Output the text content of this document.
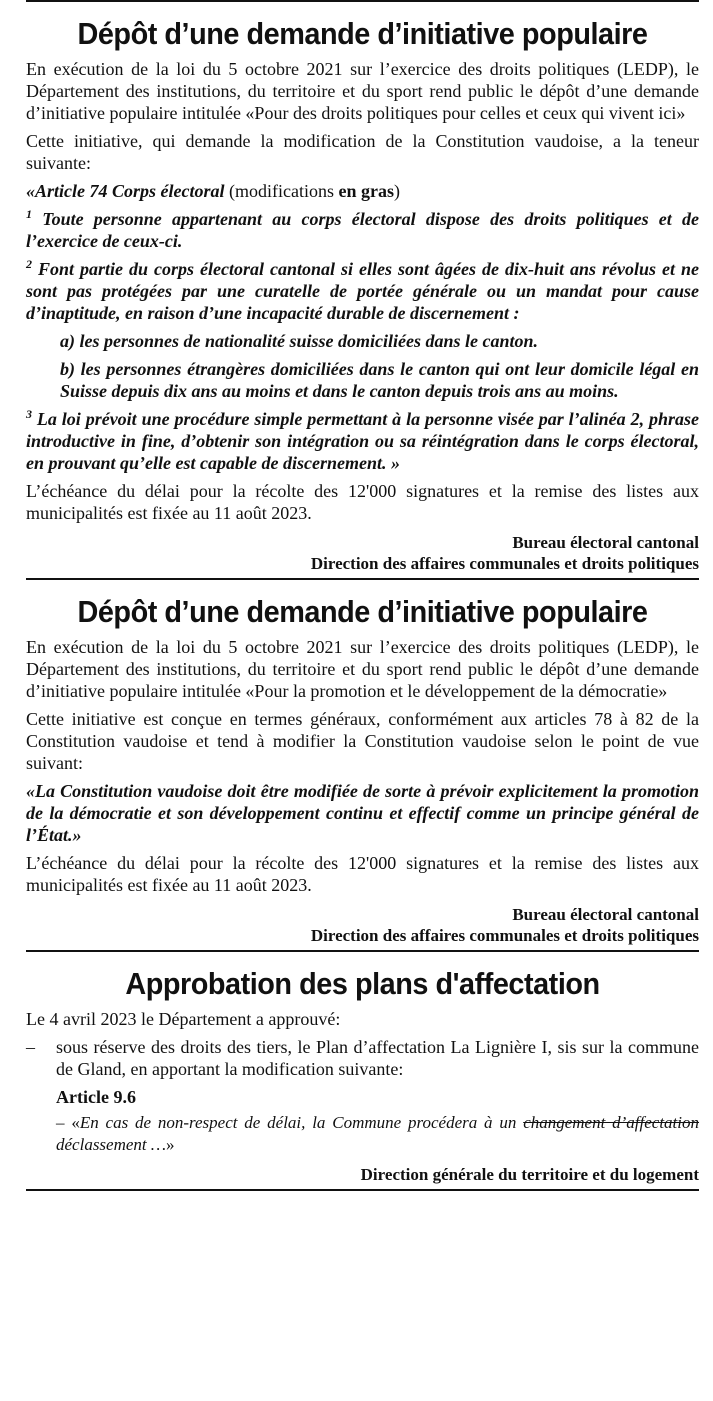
Dépôt d’une demande d’initiative populaire

En exécution de la loi du 5 octobre 2021 sur l’exercice des droits politiques (LEDP), le Département des institutions, du territoire et du sport rend public le dépôt d’une demande d’initiative populaire intitulée «Pour des droits politiques pour celles et ceux qui vivent ici»

Cette initiative, qui demande la modification de la Constitution vaudoise, a la teneur suivante:

«Article 74 Corps électoral (modifications en gras)

$^1$ Toute personne appartenant au corps électoral dispose des droits politiques et de l’exercice de ceux-ci.

$^2$ Font partie du corps électoral cantonal si elles sont âgées de dix-huit ans révolus et ne sont pas protégées par une curatelle de portée générale ou un mandat pour cause d’inaptitude, en raison d’une incapacité durable de discernement :

a) les personnes de nationalité suisse domiciliées dans le canton.

b) les personnes étrangères domiciliées dans le canton qui ont leur domicile légal en Suisse depuis dix ans au moins et dans le canton depuis trois ans au moins.

$^3$ La loi prévoit une procédure simple permettant à la personne visée par l’alinéa 2, phrase introductive in fine, d’obtenir son intégration ou sa réintégration dans le corps électoral, en prouvant qu’elle est capable de discernement. »

L’échéance du délai pour la récolte des 12'000 signatures et la remise des listes aux municipalités est fixée au 11 août 2023.

Bureau électoral cantonal

Direction des affaires communales et droits politiques

Dépôt d’une demande d’initiative populaire

En exécution de la loi du 5 octobre 2021 sur l’exercice des droits politiques (LEDP), le Département des institutions, du territoire et du sport rend public le dépôt d’une demande d’initiative populaire intitulée «Pour la promotion et le développement de la démocratie»

Cette initiative est conçue en termes généraux, conformément aux articles 78 à 82 de la Constitution vaudoise et tend à modifier la Constitution vaudoise selon le point de vue suivant:

«La Constitution vaudoise doit être modifiée de sorte à prévoir explicitement la promotion de la démocratie et son développement continu et effectif comme un principe général de l’État.»

L’échéance du délai pour la récolte des 12'000 signatures et la remise des listes aux municipalités est fixée au 11 août 2023.

Bureau électoral cantonal

Direction des affaires communales et droits politiques

Approbation des plans d'affectation

Le 4 avril 2023 le Département a approuvé:

–	sous réserve des droits des tiers, le Plan d’affectation La Lignière I, sis sur la commune de Gland, en apportant la modification suivante:
Article 9.6
– «En cas de non-respect de délai, la Commune procédera à un changement d’affectation déclassement …»

Direction générale du territoire et du logement
